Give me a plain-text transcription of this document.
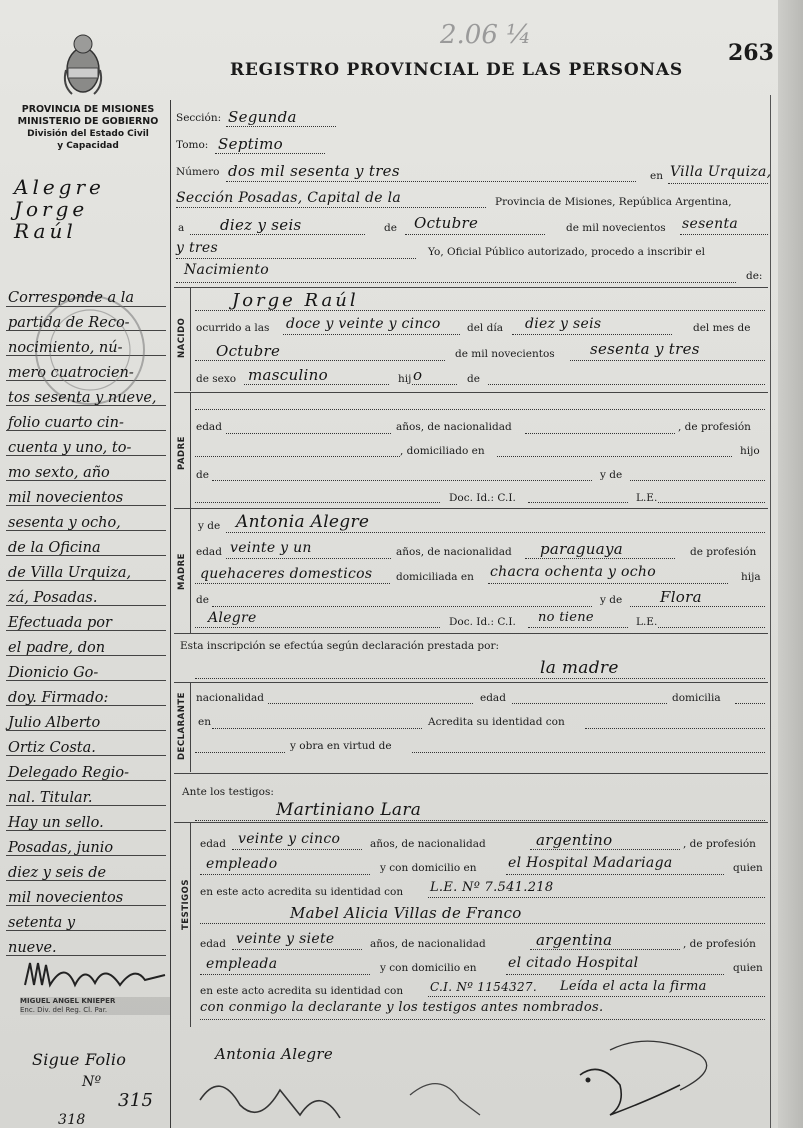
PROVINCIA DE MISIONES
MINISTERIO DE GOBIERNO
División del Estado Civil
y Capacidad
REGISTRO PROVINCIAL DE LAS PERSONAS
263
2.06 ¼
Alegre
Jorge
Raúl
Corresponde a la
partida de Reco-
nocimiento, nú-
mero cuatrocien-
tos sesenta y nueve,
folio cuarto cin-
cuenta y uno, to-
mo sexto, año
mil novecientos
sesenta y ocho,
de la Oficina
de Villa Urquiza,
zá, Posadas.
Efectuada por
el padre, don
Dionicio Go-
doy. Firmado:
Julio Alberto
Ortiz Costa.
Delegado Regio-
nal. Titular.
Hay un sello.
Posadas, junio
diez y seis de
mil novecientos
setenta y
nueve.
MIGUEL ANGEL KNIEPER
Enc. Div. del Reg. Cl. Par.
Sigue Folio
Nº
315
318
Sección: Segunda
Tomo: Septimo
Número dos mil sesenta y tres	en Villa Urquiza,
Sección Posadas, Capital de la	Provincia de Misiones, República Argentina,
a diez y seis	de Octubre	de mil novecientos sesenta
y tres	Yo, Oficial Público autorizado, procedo a inscribir el
Nacimiento	de:
NACIDO
Jorge Raúl
ocurrido a las doce y veinte y cinco	del día diez y seis	del mes de
Octubre	de mil novecientos sesenta y tres
de sexo masculino	hij o	de
PADRE
edad	años, de nacionalidad	, de profesión
, domiciliado en	hijo
de	y de
Doc. Id.: C.I.	L.E.
MADRE
y de Antonia Alegre
edad veinte y un	años, de nacionalidad paraguaya	de profesión
quehaceres domesticos domiciliada en chacra ochenta y ocho	hija
de	y de	Flora
Alegre	Doc. Id.: C.I. no tiene	L.E.
Esta inscripción se efectúa según declaración prestada por:
la madre
DECLARANTE nacionalidad	edad	domicilia
en	Acredita su identidad con
y obra en virtud de
Ante los testigos:
Martiniano Lara
TESTIGOS
edad veinte y cinco	años, de nacionalidad	argentino	, de profesión
empleado	y con domicilio en el Hospital Madariaga	quien
en este acto acredita su identidad con L.E. Nº 7.541.218
Mabel Alicia Villas de Franco
edad veinte y siete	años, de nacionalidad	argentina	, de profesión
empleada	y con domicilio en el citado Hospital	quien
en este acto acredita su identidad con C.I. Nº 1154327. Leída el acta la firma
con conmigo la declarante y los testigos antes nombrados.
Antonia Alegre
